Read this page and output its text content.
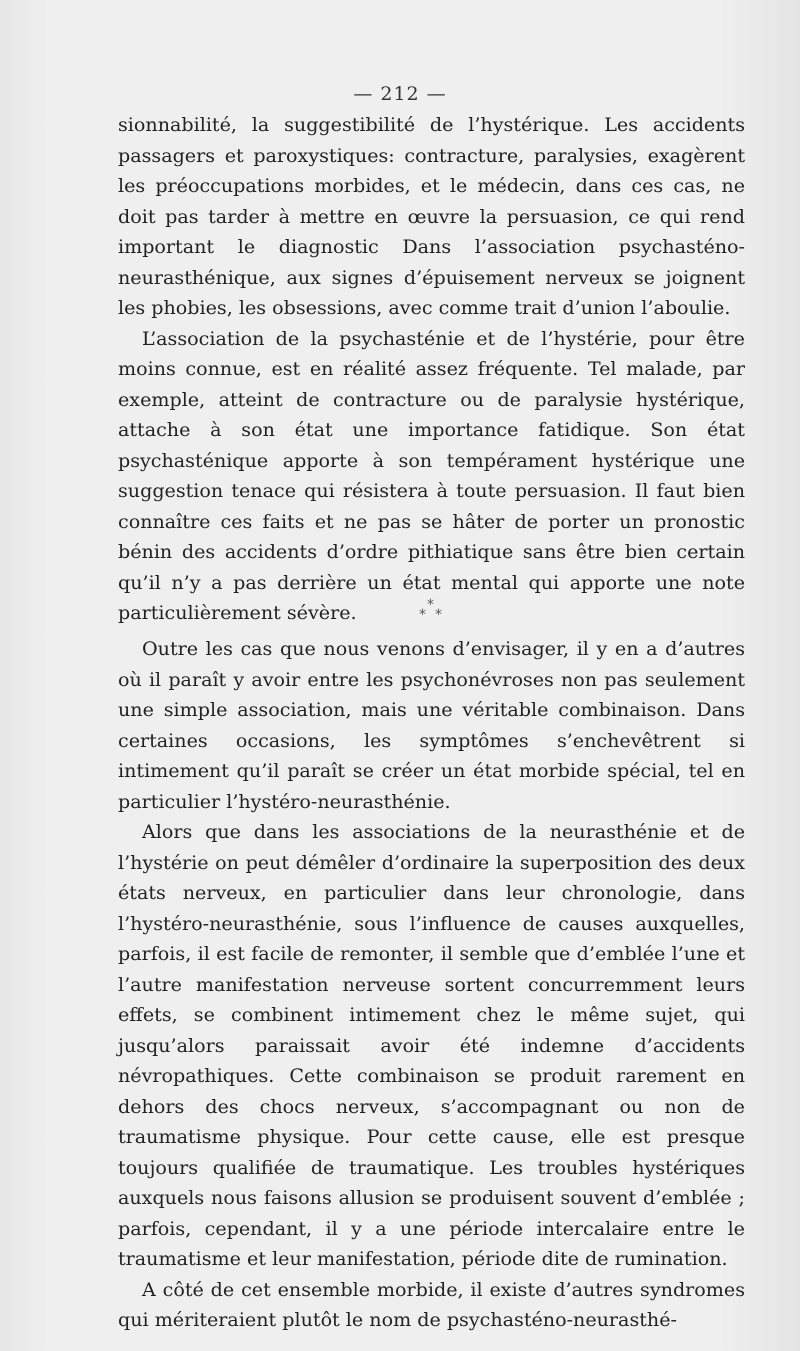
— 212 —

sionnabilité, la suggestibilité de l’hystérique. Les accidents passagers et paroxystiques: contracture, paralysies, exagèrent les préoccupations morbides, et le médecin, dans ces cas, ne doit pas tarder à mettre en œuvre la persuasion, ce qui rend important le diagnostic Dans l’association psychasténo-neurasthénique, aux signes d’épuisement nerveux se joignent les phobies, les obsessions, avec comme trait d’union l’aboulie.

L’association de la psychasténie et de l’hystérie, pour être moins connue, est en réalité assez fréquente. Tel malade, par exemple, atteint de contracture ou de paralysie hystérique, attache à son état une importance fatidique. Son état psychasténique apporte à son tempérament hystérique une suggestion tenace qui résistera à toute persuasion. Il faut bien connaître ces faits et ne pas se hâter de porter un pronostic bénin des accidents d’ordre pithiatique sans être bien certain qu’il n’y a pas derrière un état mental qui apporte une note particulièrement sévère.	*
* *

Outre les cas que nous venons d’envisager, il y en a d’autres où il paraît y avoir entre les psychonévroses non pas seulement une simple association, mais une véritable combinaison. Dans certaines occasions, les symptômes s’enchevêtrent si intimement qu’il paraît se créer un état morbide spécial, tel en particulier l’hystéro-neurasthénie.

Alors que dans les associations de la neurasthénie et de l’hystérie on peut démêler d’ordinaire la superposition des deux états nerveux, en particulier dans leur chronologie, dans l’hystéro-neurasthénie, sous l’influence de causes auxquelles, parfois, il est facile de remonter, il semble que d’emblée l’une et l’autre manifestation nerveuse sortent concurremment leurs effets, se combinent intimement chez le même sujet, qui jusqu’alors paraissait avoir été indemne d’accidents névropathiques. Cette combinaison se produit rarement en dehors des chocs nerveux, s’accompagnant ou non de traumatisme physique. Pour cette cause, elle est presque toujours qualifiée de traumatique. Les troubles hystériques auxquels nous faisons allusion se produisent souvent d’emblée ; parfois, cependant, il y a une période intercalaire entre le traumatisme et leur manifestation, période dite de rumination.

A côté de cet ensemble morbide, il existe d’autres syndromes qui mériteraient plutôt le nom de psychasténo-neurasthé-
